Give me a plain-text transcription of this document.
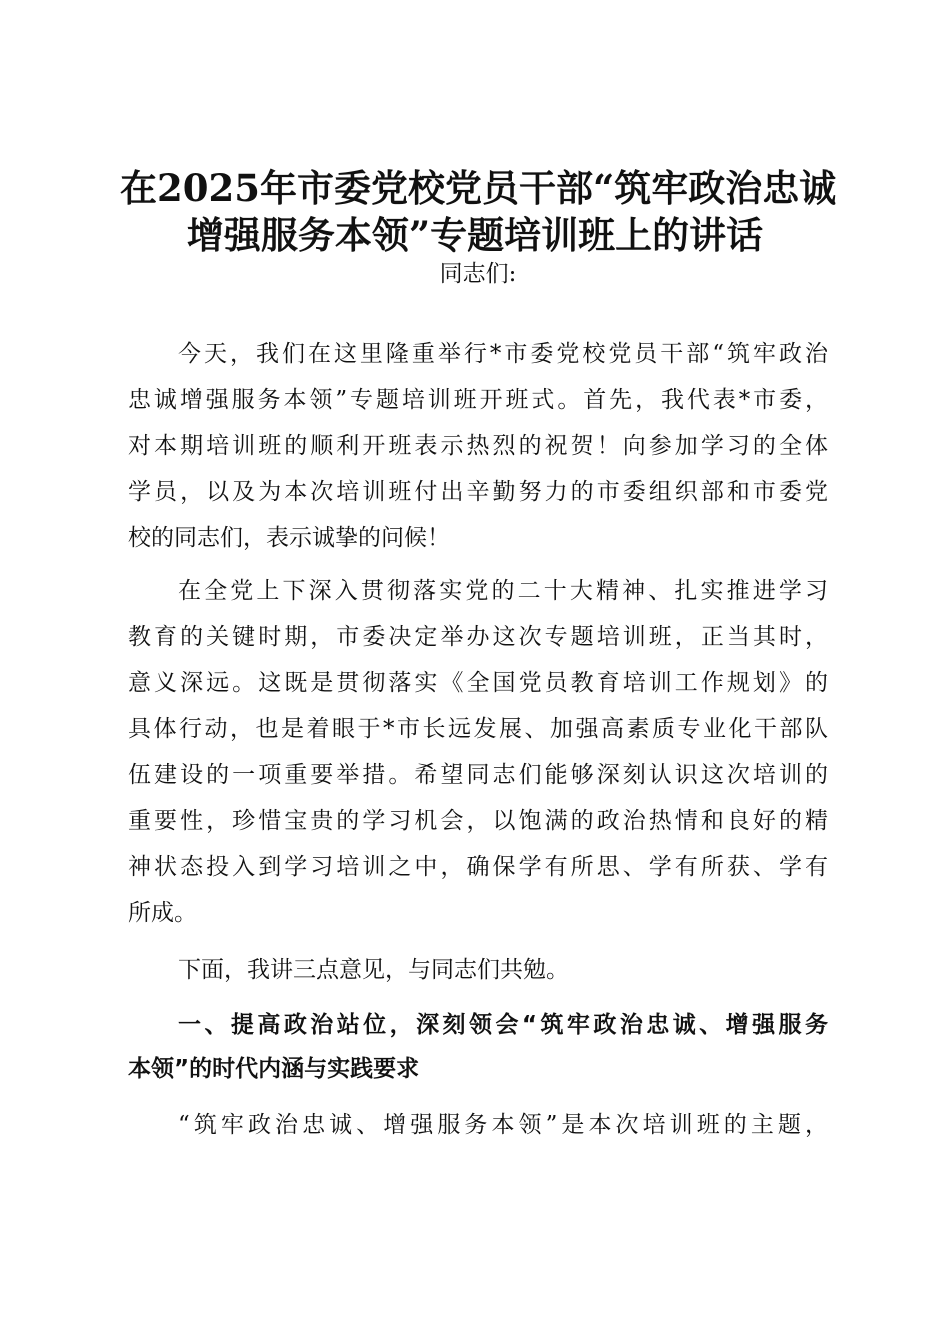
在2025年市委党校党员干部“筑牢政治忠诚
增强服务本领”专题培训班上的讲话
同志们:
今天，我们在这里隆重举行*市委党校党员干部“筑牢政治
忠诚增强服务本领”专题培训班开班式。首先，我代表*市委，
对本期培训班的顺利开班表示热烈的祝贺！向参加学习的全体
学员，以及为本次培训班付出辛勤努力的市委组织部和市委党
校的同志们，表示诚挚的问候！
在全党上下深入贯彻落实党的二十大精神、扎实推进学习
教育的关键时期，市委决定举办这次专题培训班，正当其时，
意义深远。这既是贯彻落实《全国党员教育培训工作规划》的
具体行动，也是着眼于*市长远发展、加强高素质专业化干部队
伍建设的一项重要举措。希望同志们能够深刻认识这次培训的
重要性，珍惜宝贵的学习机会，以饱满的政治热情和良好的精
神状态投入到学习培训之中，确保学有所思、学有所获、学有
所成。
下面，我讲三点意见，与同志们共勉。
一、提高政治站位，深刻领会“筑牢政治忠诚、增强服务
本领”的时代内涵与实践要求
“筑牢政治忠诚、增强服务本领”是本次培训班的主题，
